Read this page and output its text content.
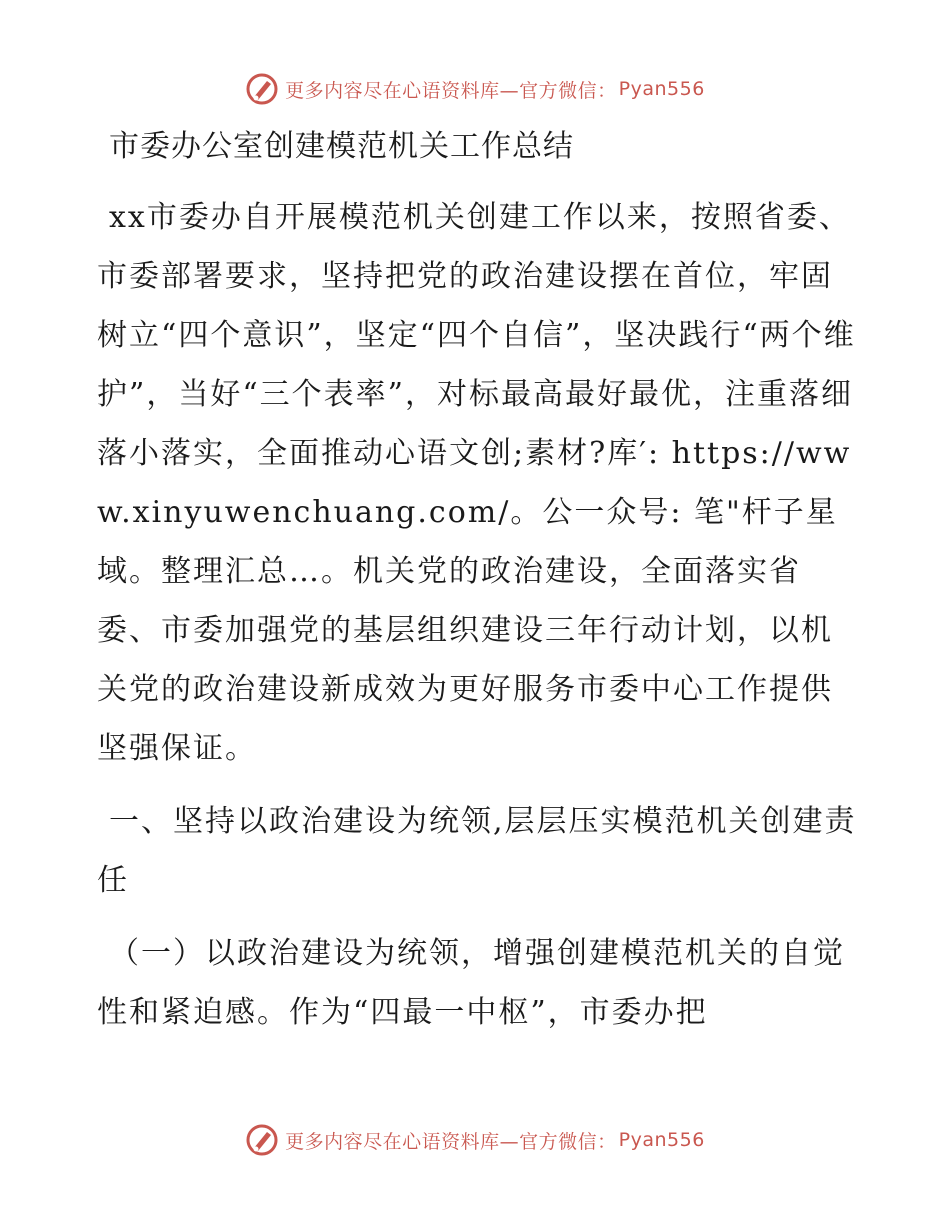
更多内容尽在心语资料库—官方微信： Pyan556
市委办公室创建模范机关工作总结

xx市委办自开展模范机关创建工作以来，按照省委、市委部署要求，坚持把党的政治建设摆在首位，牢固树立“四个意识”，坚定“四个自信”，坚决践行“两个维护”，当好“三个表率”，对标最高最好最优，注重落细落小落实，全面推动心语文创;素材?库′: https://www.xinyuwenchuang.com/。公一众号: 笔"杆子星域。整理汇总…。机关党的政治建设，全面落实省委、市委加强党的基层组织建设三年行动计划，以机关党的政治建设新成效为更好服务市委中心工作提供坚强保证。

一、坚持以政治建设为统领,层层压实模范机关创建责任

（一）以政治建设为统领，增强创建模范机关的自觉性和紧迫感。作为“四最一中枢”，市委办把

更多内容尽在心语资料库—官方微信： Pyan556
